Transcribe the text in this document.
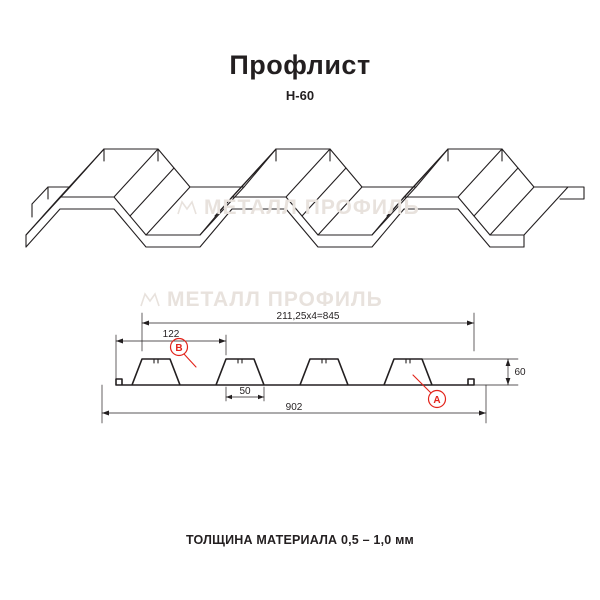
Профлист
Н-60
МЕТАЛЛ ПРОФИЛЬ
МЕТАЛЛ ПРОФИЛЬ
211,25х4=845
122
50
902
60
B
A
ТОЛЩИНА МАТЕРИАЛА 0,5 – 1,0 мм
